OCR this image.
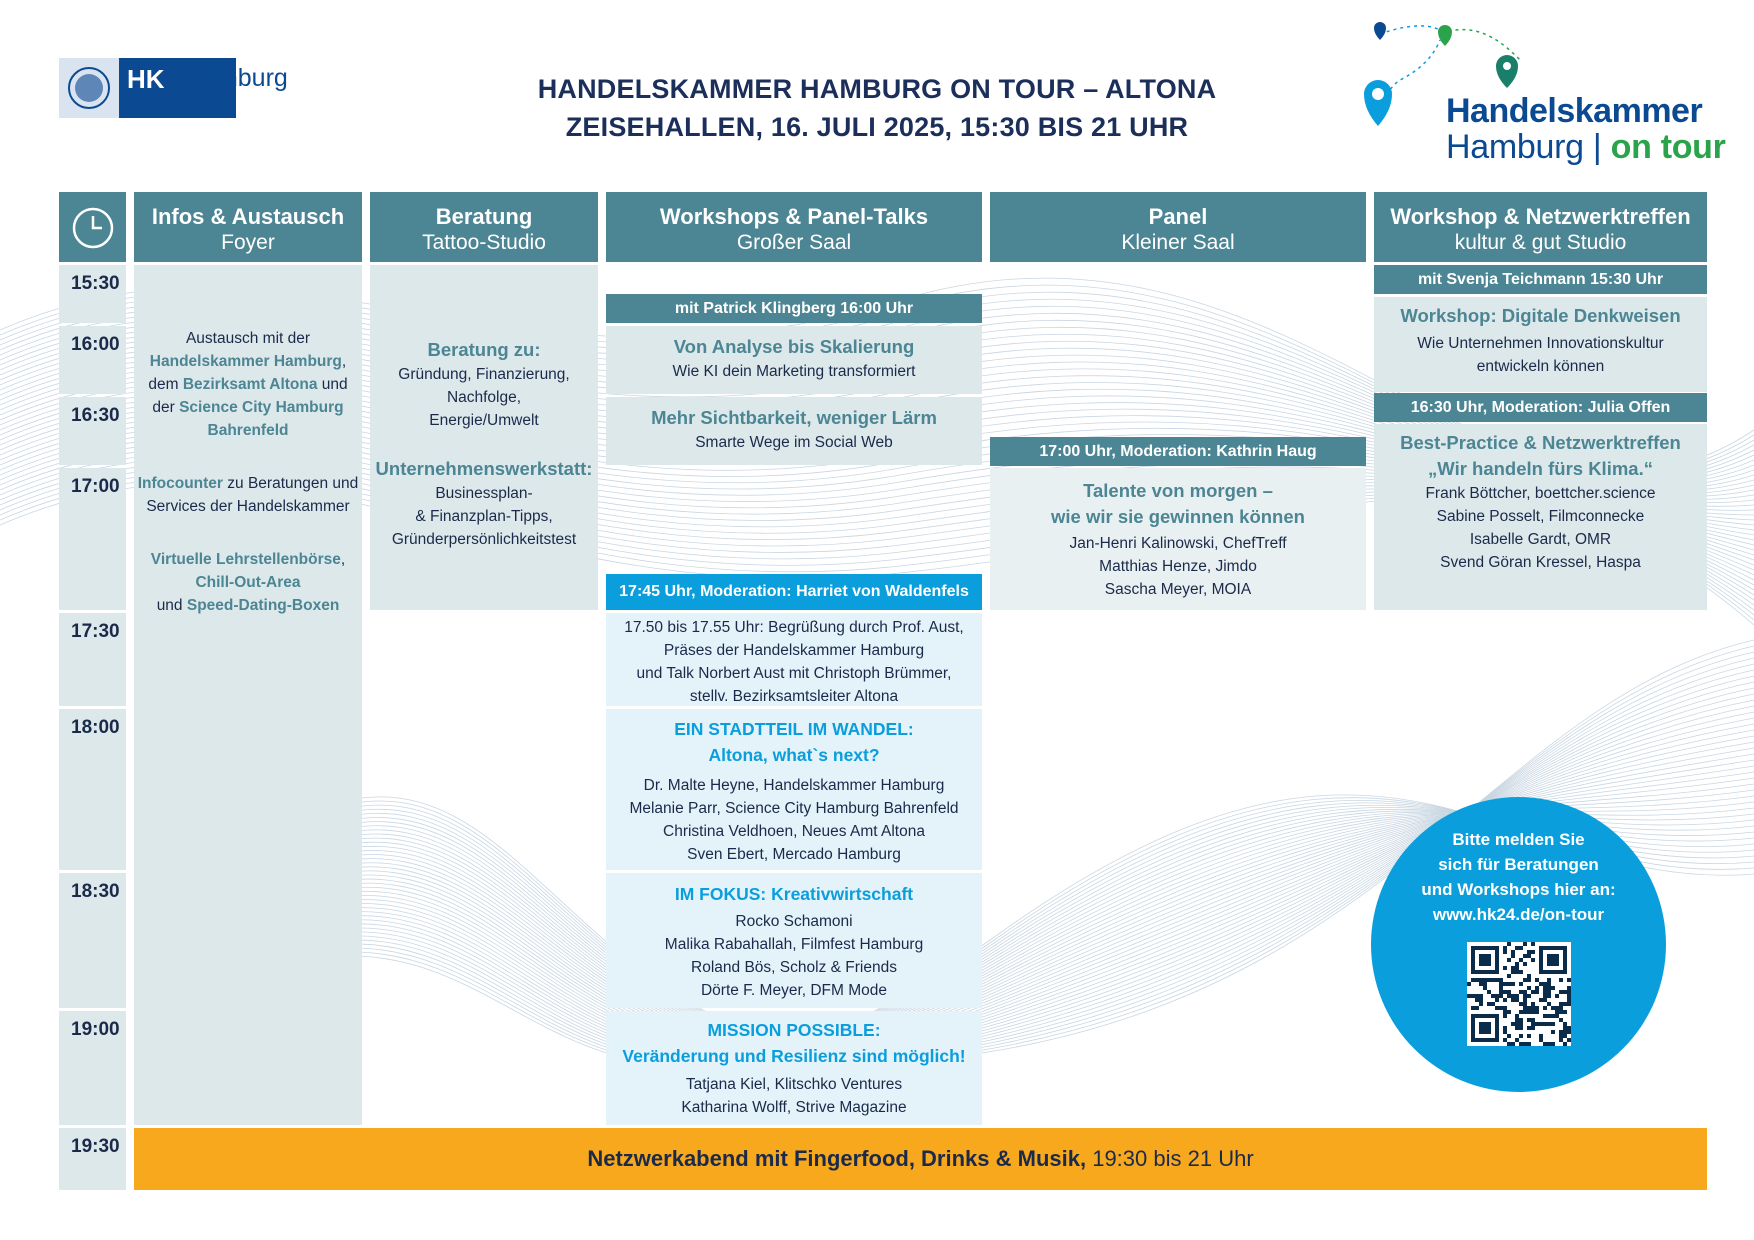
HK Hamburg	HANDELSKAMMER HAMBURG ON TOUR – ALTONA
ZEISEHALLEN, 16. JULI 2025, 15:30 BIS 21 UHR	Handelskammer
Hamburg | on tour
Infos & Austausch
Foyer
Beratung
Tattoo-Studio
Workshops & Panel-Talks
Großer Saal
Panel
Kleiner Saal
Workshop & Netzwerktreffen
kultur & gut Studio
15:30
16:00
16:30
17:00
17:30
18:00
18:30
19:00
19:30
Austausch mit der
Handelskammer Hamburg,
dem Bezirksamt Altona und
der Science City Hamburg
Bahrenfeld
Infocounter zu Beratungen und
Services der Handelskammer
Virtuelle Lehrstellenbörse,
Chill-Out-Area
und Speed-Dating-Boxen
Beratung zu:
Gründung, Finanzierung,
Nachfolge,
Energie/Umwelt
Unternehmenswerkstatt:
Businessplan-
& Finanzplan-Tipps,
Gründerpersönlichkeitstest
mit Patrick Klingberg 16:00 Uhr
Von Analyse bis Skalierung
Wie KI dein Marketing transformiert
Mehr Sichtbarkeit, weniger Lärm
Smarte Wege im Social Web
17:45 Uhr, Moderation: Harriet von Waldenfels
17.50 bis 17.55 Uhr: Begrüßung durch Prof. Aust,
Präses der Handelskammer Hamburg
und Talk Norbert Aust mit Christoph Brümmer,
stellv. Bezirksamtsleiter Altona
EIN STADTTEIL IM WANDEL:
Altona, what`s next?
Dr. Malte Heyne, Handelskammer Hamburg
Melanie Parr, Science City Hamburg Bahrenfeld
Christina Veldhoen, Neues Amt Altona
Sven Ebert, Mercado Hamburg
IM FOKUS: Kreativwirtschaft
Rocko Schamoni
Malika Rabahallah, Filmfest Hamburg
Roland Bös, Scholz & Friends
Dörte F. Meyer, DFM Mode
MISSION POSSIBLE:
Veränderung und Resilienz sind möglich!
Tatjana Kiel, Klitschko Ventures
Katharina Wolff, Strive Magazine
17:00 Uhr, Moderation: Kathrin Haug
Talente von morgen –
wie wir sie gewinnen können
Jan-Henri Kalinowski, ChefTreff
Matthias Henze, Jimdo
Sascha Meyer, MOIA
mit Svenja Teichmann 15:30 Uhr
Workshop: Digitale Denkweisen
Wie Unternehmen Innovationskultur
entwickeln können
16:30 Uhr, Moderation: Julia Offen
Best-Practice & Netzwerktreffen
„Wir handeln fürs Klima.“
Frank Böttcher, boettcher.science
Sabine Posselt, Filmconnecke
Isabelle Gardt, OMR
Svend Göran Kressel, Haspa
Bitte melden Sie
sich für Beratungen
und Workshops hier an:
www.hk24.de/on-tour
Netzwerkabend mit Fingerfood, Drinks & Musik, 19:30 bis 21 Uhr
